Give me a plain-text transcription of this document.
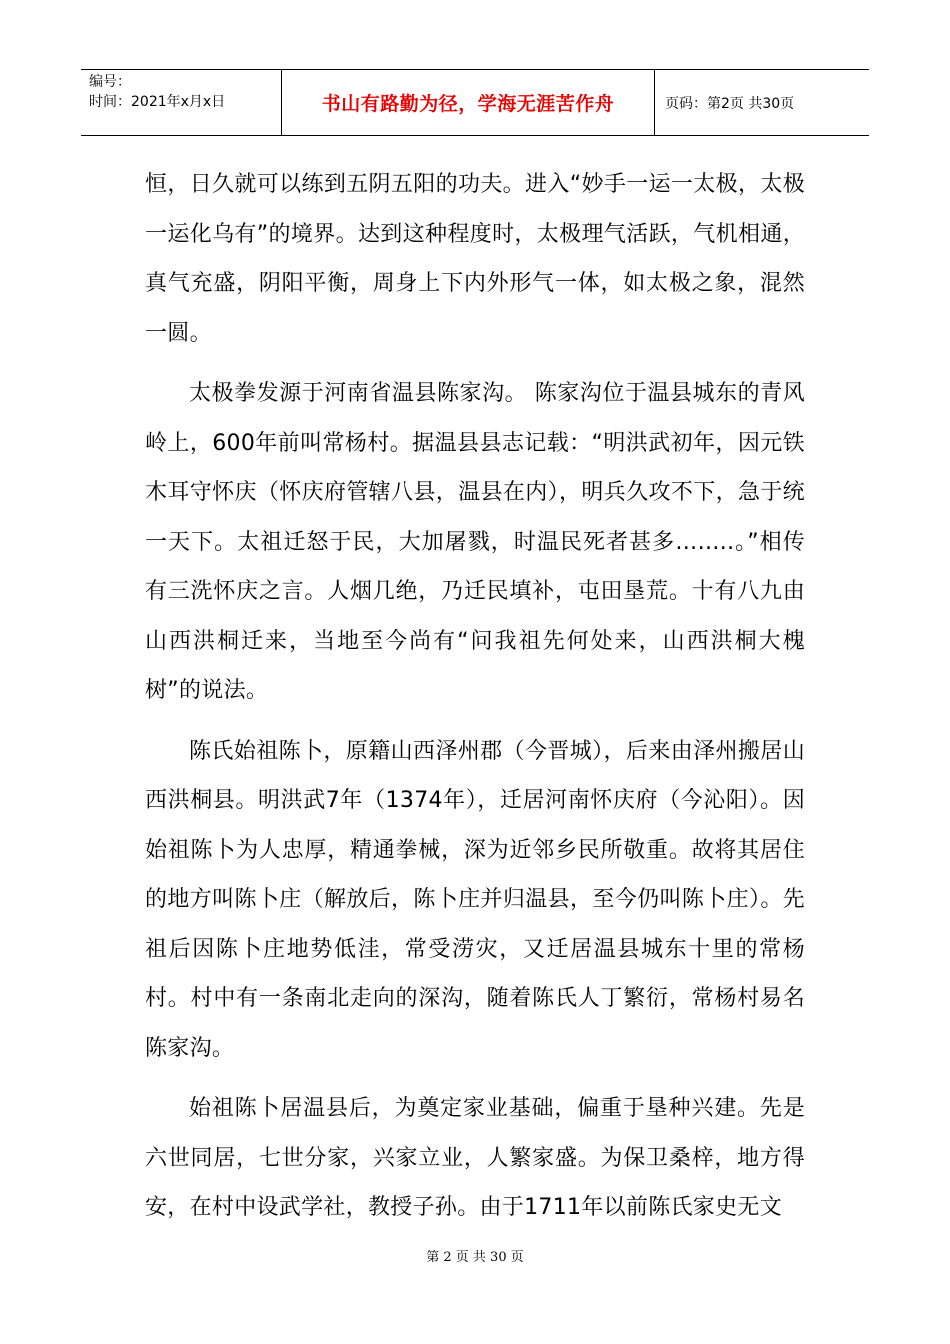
编号：
时间：2021年x月x日	书山有路勤为径，学海无涯苦作舟	页码：第2页 共30页

恒，日久就可以练到五阴五阳的功夫。进入“妙手一运一太极，太极一运化乌有”的境界。达到这种程度时，太极理气活跃，气机相通，真气充盛，阴阳平衡，周身上下内外形气一体，如太极之象，混然一圆。

太极拳发源于河南省温县陈家沟。 陈家沟位于温县城东的青风岭上，600年前叫常杨村。据温县县志记载：“明洪武初年，因元铁木耳守怀庆（怀庆府管辖八县，温县在内），明兵久攻不下，急于统一天下。太祖迁怒于民，大加屠戮，时温民死者甚多……..。”相传有三洗怀庆之言。人烟几绝，乃迁民填补，屯田垦荒。十有八九由山西洪桐迁来，当地至今尚有“问我祖先何处来，山西洪桐大槐树”的说法。

陈氏始祖陈卜，原籍山西泽州郡（今晋城），后来由泽州搬居山西洪桐县。明洪武7年（1374年），迁居河南怀庆府（今沁阳）。因始祖陈卜为人忠厚，精通拳械，深为近邻乡民所敬重。故将其居住的地方叫陈卜庄（解放后，陈卜庄并归温县，至今仍叫陈卜庄）。先祖后因陈卜庄地势低洼，常受涝灾，又迁居温县城东十里的常杨村。村中有一条南北走向的深沟，随着陈氏人丁繁衍，常杨村易名陈家沟。

始祖陈卜居温县后，为奠定家业基础，偏重于垦种兴建。先是六世同居，七世分家，兴家立业，人繁家盛。为保卫桑梓，地方得安，在村中设武学社，教授子孙。由于1711年以前陈氏家史无文

第 2 页 共 30 页
